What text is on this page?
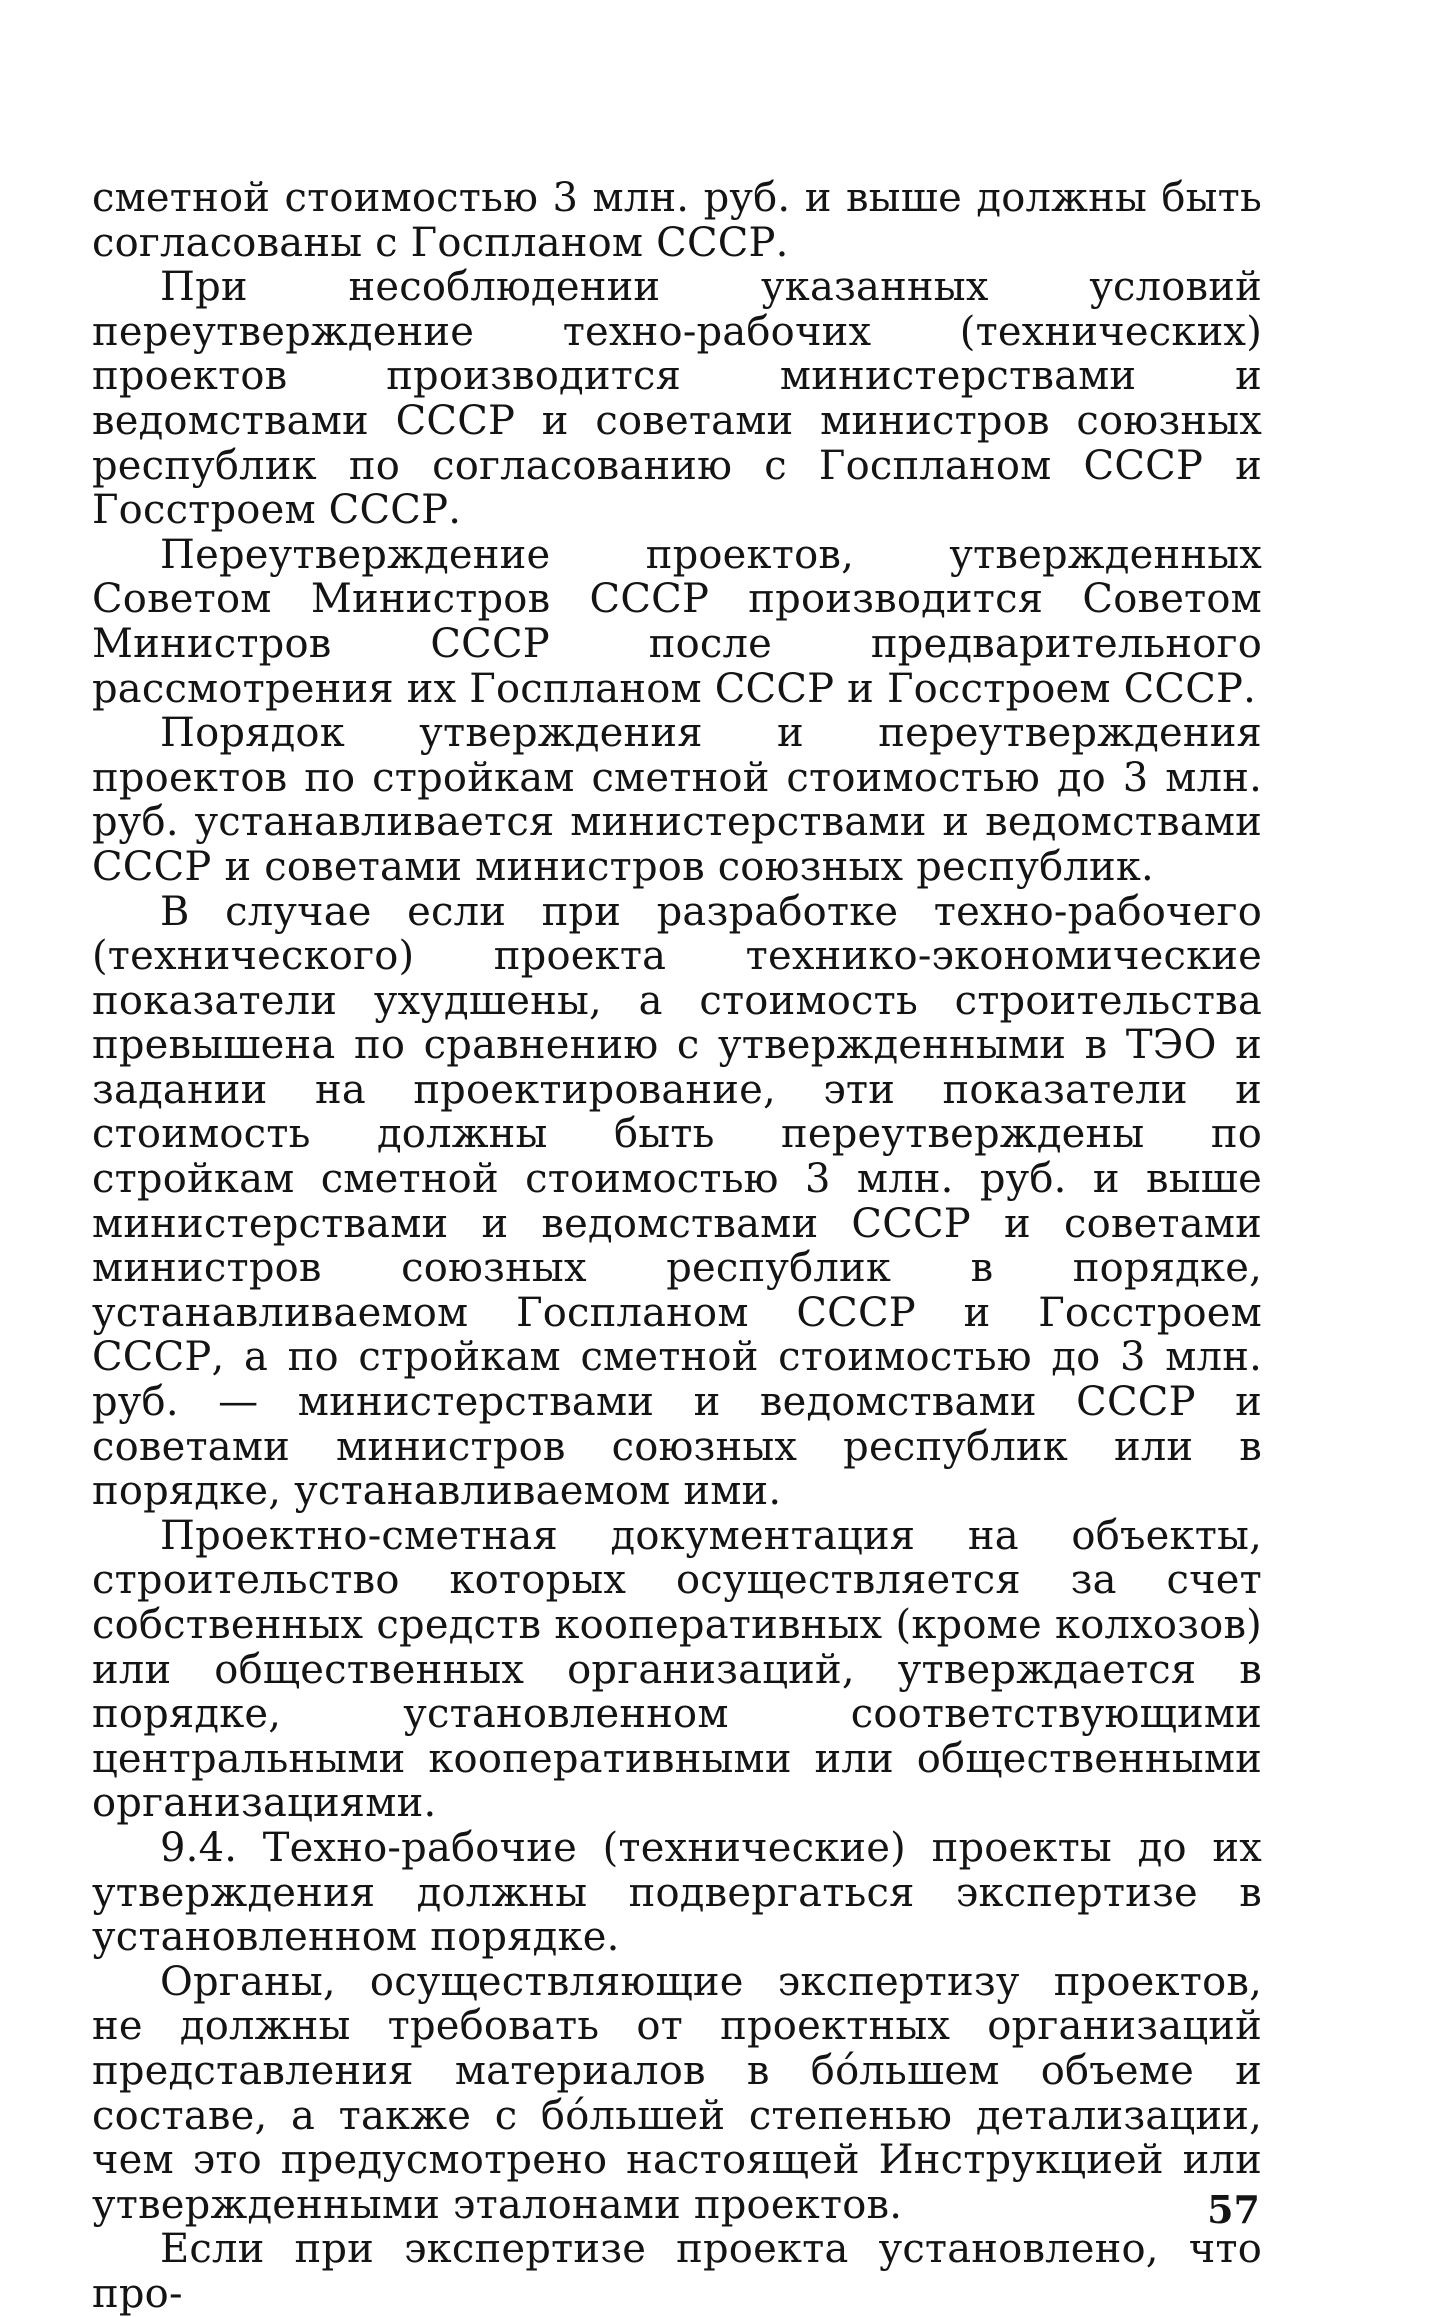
сметной стоимостью 3 млн. руб. и выше должны быть согласованы с Госпланом СССР.

При несоблюдении указанных условий переутверждение техно-рабочих (технических) проектов производится министерствами и ведомствами СССР и советами министров союзных республик по согласованию с Госпланом СССР и Госстроем СССР.

Переутверждение проектов, утвержденных Советом Министров СССР производится Советом Министров СССР после предварительного рассмотрения их Госпланом СССР и Госстроем СССР.

Порядок утверждения и переутверждения проектов по стройкам сметной стоимостью до 3 млн. руб. устанавливается министерствами и ведомствами СССР и советами министров союзных республик.

В случае если при разработке техно-рабочего (технического) проекта технико-экономические показатели ухудшены, а стоимость строительства превышена по сравнению с утвержденными в ТЭО и задании на проектирование, эти показатели и стоимость должны быть переутверждены по стройкам сметной стоимостью 3 млн. руб. и выше министерствами и ведомствами СССР и советами министров союзных республик в порядке, устанавливаемом Госпланом СССР и Госстроем СССР, а по стройкам сметной стоимостью до 3 млн. руб. — министерствами и ведомствами СССР и советами министров союзных республик или в порядке, устанавливаемом ими.

Проектно-сметная документация на объекты, строительство которых осуществляется за счет собственных средств кооперативных (кроме колхозов) или общественных организаций, утверждается в порядке, установленном соответствующими центральными кооперативными или общественными организациями.

9.4. Техно-рабочие (технические) проекты до их утверждения должны подвергаться экспертизе в установленном порядке.

Органы, осуществляющие экспертизу проектов, не должны требовать от проектных организаций представления материалов в бо́льшем объеме и составе, а также с бо́льшей степенью детализации, чем это предусмотрено настоящей Инструкцией или утвержденными эталонами проектов.

Если при экспертизе проекта установлено, что про-

57
